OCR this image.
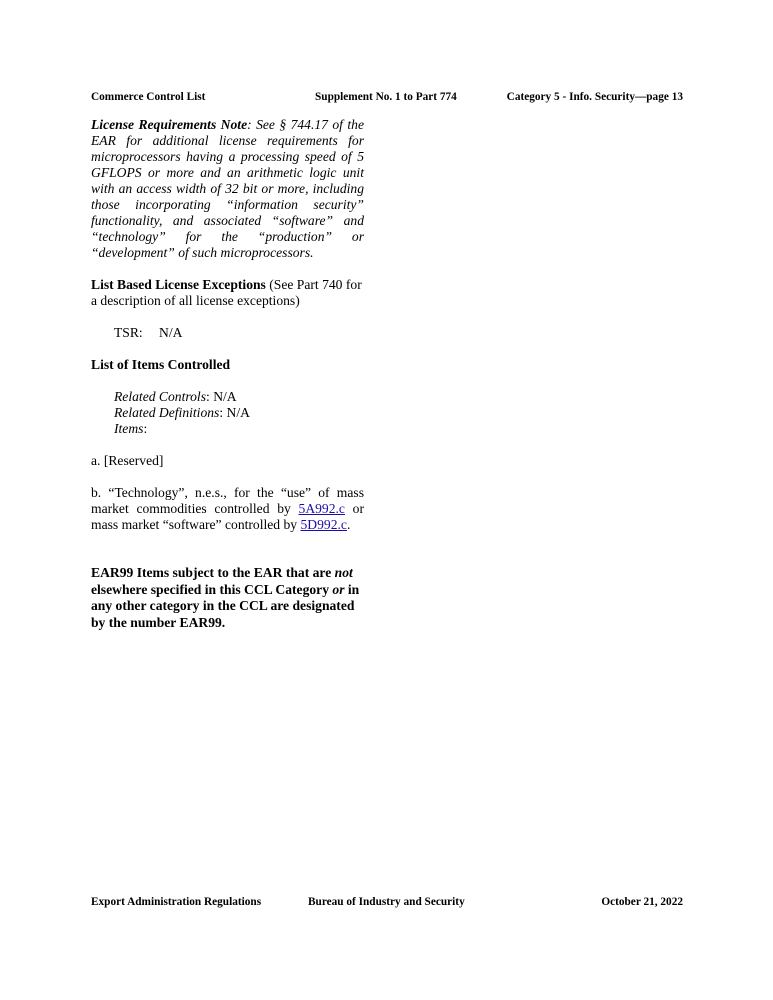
Commerce Control List	Supplement No. 1 to Part 774	Category 5 - Info. Security—page 13

License Requirements Note: See § 744.17 of the EAR for additional license requirements for microprocessors having a processing speed of 5 GFLOPS or more and an arithmetic logic unit with an access width of 32 bit or more, including those incorporating “information security” functionality, and associated “software” and “technology” for the “production” or “development” of such microprocessors.

List Based License Exceptions (See Part 740 for a description of all license exceptions)

TSR: N/A

List of Items Controlled

Related Controls: N/A

Related Definitions: N/A

Items:

a. [Reserved]

b. “Technology”, n.e.s., for the “use” of mass market commodities controlled by 5A992.c or mass market “software” controlled by 5D992.c.

EAR99 Items subject to the EAR that are not elsewhere specified in this CCL Category or in any other category in the CCL are designated by the number EAR99.

Export Administration Regulations	Bureau of Industry and Security	October 21, 2022
